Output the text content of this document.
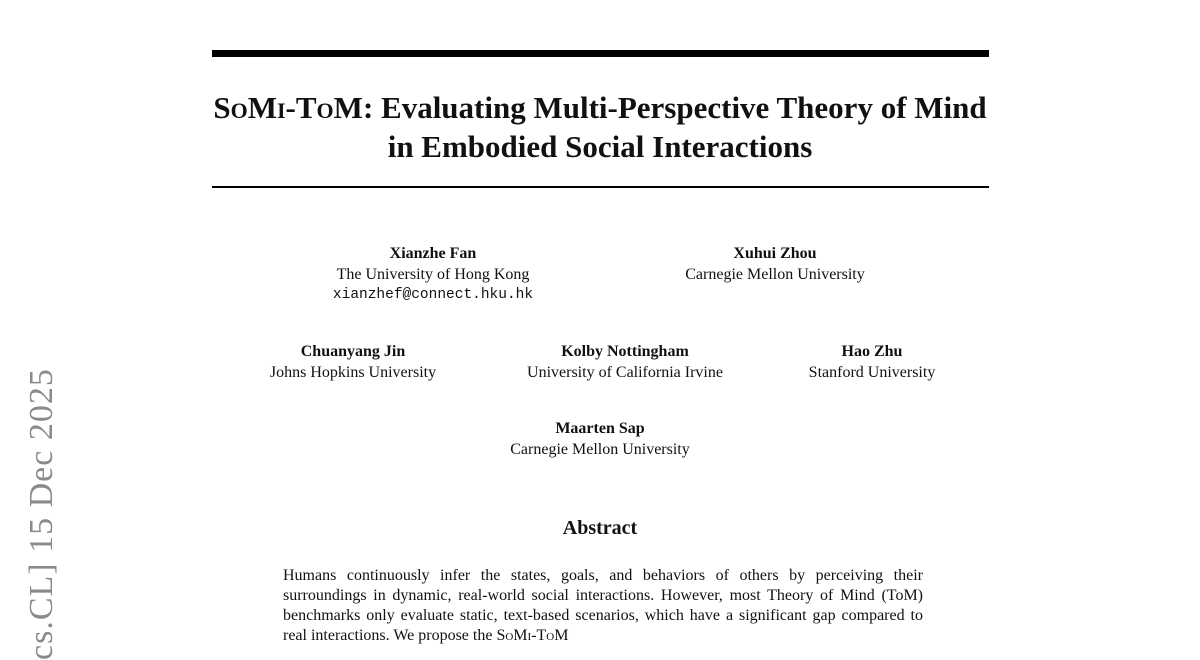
SoMi-ToM: Evaluating Multi-Perspective Theory of Mind in Embodied Social Interactions
Xianzhe Fan
The University of Hong Kong
xianzhef@connect.hku.hk
Xuhui Zhou
Carnegie Mellon University
Chuanyang Jin
Johns Hopkins University
Kolby Nottingham
University of California Irvine
Hao Zhu
Stanford University
Maarten Sap
Carnegie Mellon University
Abstract

Humans continuously infer the states, goals, and behaviors of others by perceiving their surroundings in dynamic, real-world social interactions. However, most Theory of Mind (ToM) benchmarks only evaluate static, text-based scenarios, which have a significant gap compared to real interactions. We propose the SoMi-ToM

cs.CL] 15 Dec 2025
